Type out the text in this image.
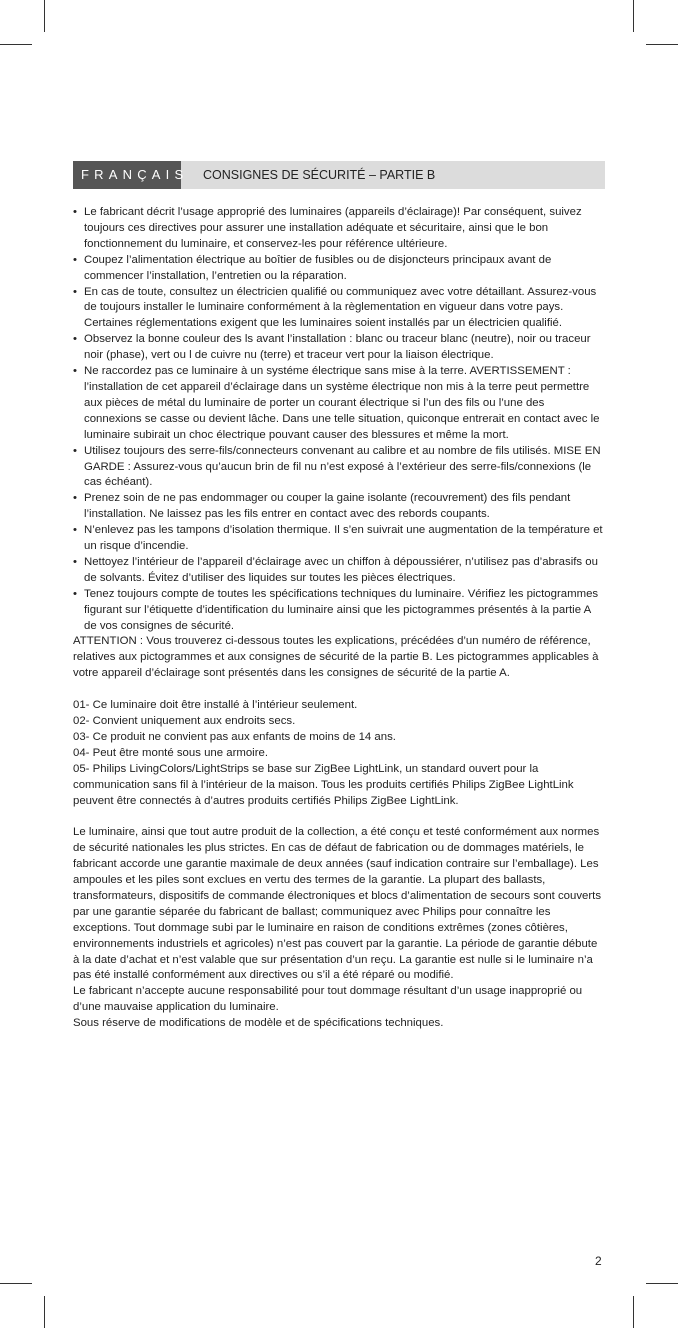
FRANÇAIS CONSIGNES DE SÉCURITÉ – PARTIE B
• Le fabricant décrit l’usage approprié des luminaires (appareils d’éclairage)! Par conséquent, suivez toujours ces directives pour assurer une installation adéquate et sécuritaire, ainsi que le bon fonctionnement du luminaire, et conservez-les pour référence ultérieure.
• Coupez l’alimentation électrique au boîtier de fusibles ou de disjoncteurs principaux avant de commencer l’installation, l’entretien ou la réparation.
• En cas de toute, consultez un électricien qualifié ou communiquez avec votre détaillant. Assurez-vous de toujours installer le luminaire conformément à la règlementation en vigueur dans votre pays. Certaines réglementations exigent que les luminaires soient installés par un électricien qualifié.
• Observez la bonne couleur des ls avant l’installation : blanc ou traceur blanc (neutre), noir ou traceur noir (phase), vert ou l de cuivre nu (terre) et traceur vert pour la liaison électrique.
• Ne raccordez pas ce luminaire à un systéme électrique sans mise à la terre. AVERTISSEMENT : l’installation de cet appareil d’éclairage dans un système électrique non mis à la terre peut permettre aux pièces de métal du luminaire de porter un courant électrique si l’un des fils ou l’une des connexions se casse ou devient lâche. Dans une telle situation, quiconque entrerait en contact avec le luminaire subirait un choc électrique pouvant causer des blessures et même la mort.
• Utilisez toujours des serre-fils/connecteurs convenant au calibre et au nombre de fils utilisés. MISE EN GARDE : Assurez-vous qu’aucun brin de fil nu n’est exposé à l’extérieur des serre-fils/connexions (le cas échéant).
• Prenez soin de ne pas endommager ou couper la gaine isolante (recouvrement) des fils pendant l’installation. Ne laissez pas les fils entrer en contact avec des rebords coupants.
• N’enlevez pas les tampons d’isolation thermique. Il s’en suivrait une augmentation de la température et un risque d’incendie.
• Nettoyez l’intérieur de l’appareil d’éclairage avec un chiffon à dépoussiérer, n’utilisez pas d’abrasifs ou de solvants. Évitez d’utiliser des liquides sur toutes les pièces électriques.
• Tenez toujours compte de toutes les spécifications techniques du luminaire. Vérifiez les pictogrammes figurant sur l’étiquette d’identification du luminaire ainsi que les pictogrammes présentés à la partie A de vos consignes de sécurité.

ATTENTION : Vous trouverez ci-dessous toutes les explications, précédées d’un numéro de référence, relatives aux pictogrammes et aux consignes de sécurité de la partie B. Les pictogrammes applicables à votre appareil d’éclairage sont présentés dans les consignes de sécurité de la partie A.

01- Ce luminaire doit être installé à l’intérieur seulement.

02- Convient uniquement aux endroits secs.

03- Ce produit ne convient pas aux enfants de moins de 14 ans.

04- Peut être monté sous une armoire.

05- Philips LivingColors/LightStrips se base sur ZigBee LightLink, un standard ouvert pour la communication sans fil à l’intérieur de la maison. Tous les produits certifiés Philips ZigBee LightLink peuvent être connectés à d’autres produits certifiés Philips ZigBee LightLink.

Le luminaire, ainsi que tout autre produit de la collection, a été conçu et testé conformément aux normes de sécurité nationales les plus strictes. En cas de défaut de fabrication ou de dommages matériels, le fabricant accorde une garantie maximale de deux années (sauf indication contraire sur l’emballage). Les ampoules et les piles sont exclues en vertu des termes de la garantie. La plupart des ballasts, transformateurs, dispositifs de commande électroniques et blocs d’alimentation de secours sont couverts par une garantie séparée du fabricant de ballast; communiquez avec Philips pour connaître les exceptions. Tout dommage subi par le luminaire en raison de conditions extrêmes (zones côtières, environnements industriels et agricoles) n’est pas couvert par la garantie. La période de garantie débute à la date d’achat et n’est valable que sur présentation d’un reçu. La garantie est nulle si le luminaire n’a pas été installé conformément aux directives ou s’il a été réparé ou modifié.

Le fabricant n’accepte aucune responsabilité pour tout dommage résultant d’un usage inapproprié ou d’une mauvaise application du luminaire.

Sous réserve de modifications de modèle et de spécifications techniques.

2
